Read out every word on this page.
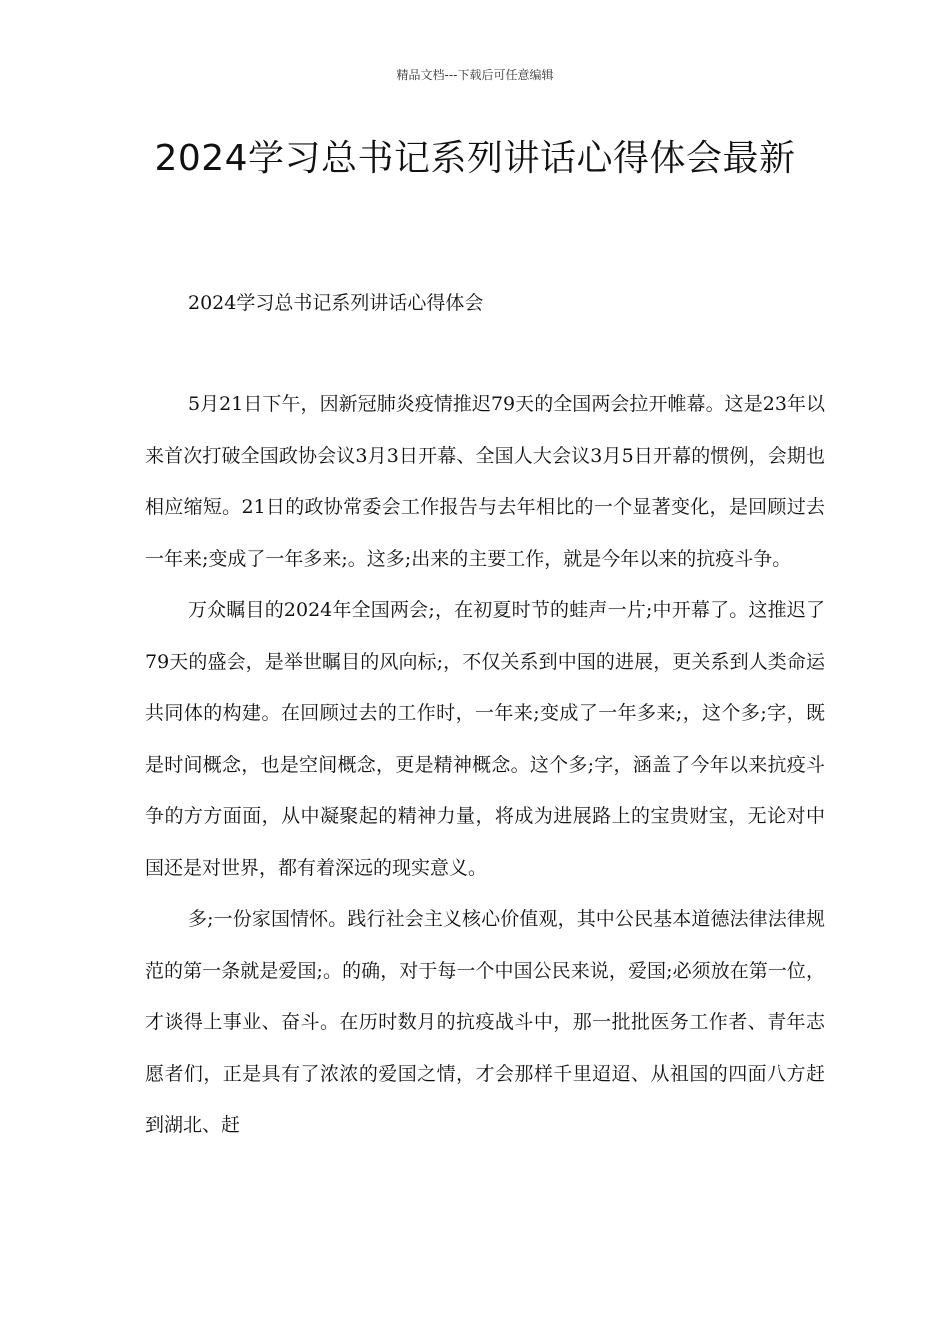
精品文档---下载后可任意编辑
2024学习总书记系列讲话心得体会最新
2024学习总书记系列讲话心得体会

5月21日下午，因新冠肺炎疫情推迟79天的全国两会拉开帷幕。这是23年以来首次打破全国政协会议3月3日开幕、全国人大会议3月5日开幕的惯例，会期也相应缩短。21日的政协常委会工作报告与去年相比的一个显著变化，是回顾过去一年来;变成了一年多来;。这多;出来的主要工作，就是今年以来的抗疫斗争。

万众瞩目的2024年全国两会;，在初夏时节的蛙声一片;中开幕了。这推迟了79天的盛会，是举世瞩目的风向标;，不仅关系到中国的进展，更关系到人类命运共同体的构建。在回顾过去的工作时，一年来;变成了一年多来;，这个多;字，既是时间概念，也是空间概念，更是精神概念。这个多;字，涵盖了今年以来抗疫斗争的方方面面，从中凝聚起的精神力量，将成为进展路上的宝贵财宝，无论对中国还是对世界，都有着深远的现实意义。

多;一份家国情怀。践行社会主义核心价值观，其中公民基本道德法律法律规范的第一条就是爱国;。的确，对于每一个中国公民来说，爱国;必须放在第一位，才谈得上事业、奋斗。在历时数月的抗疫战斗中，那一批批医务工作者、青年志愿者们，正是具有了浓浓的爱国之情，才会那样千里迢迢、从祖国的四面八方赶到湖北、赶
